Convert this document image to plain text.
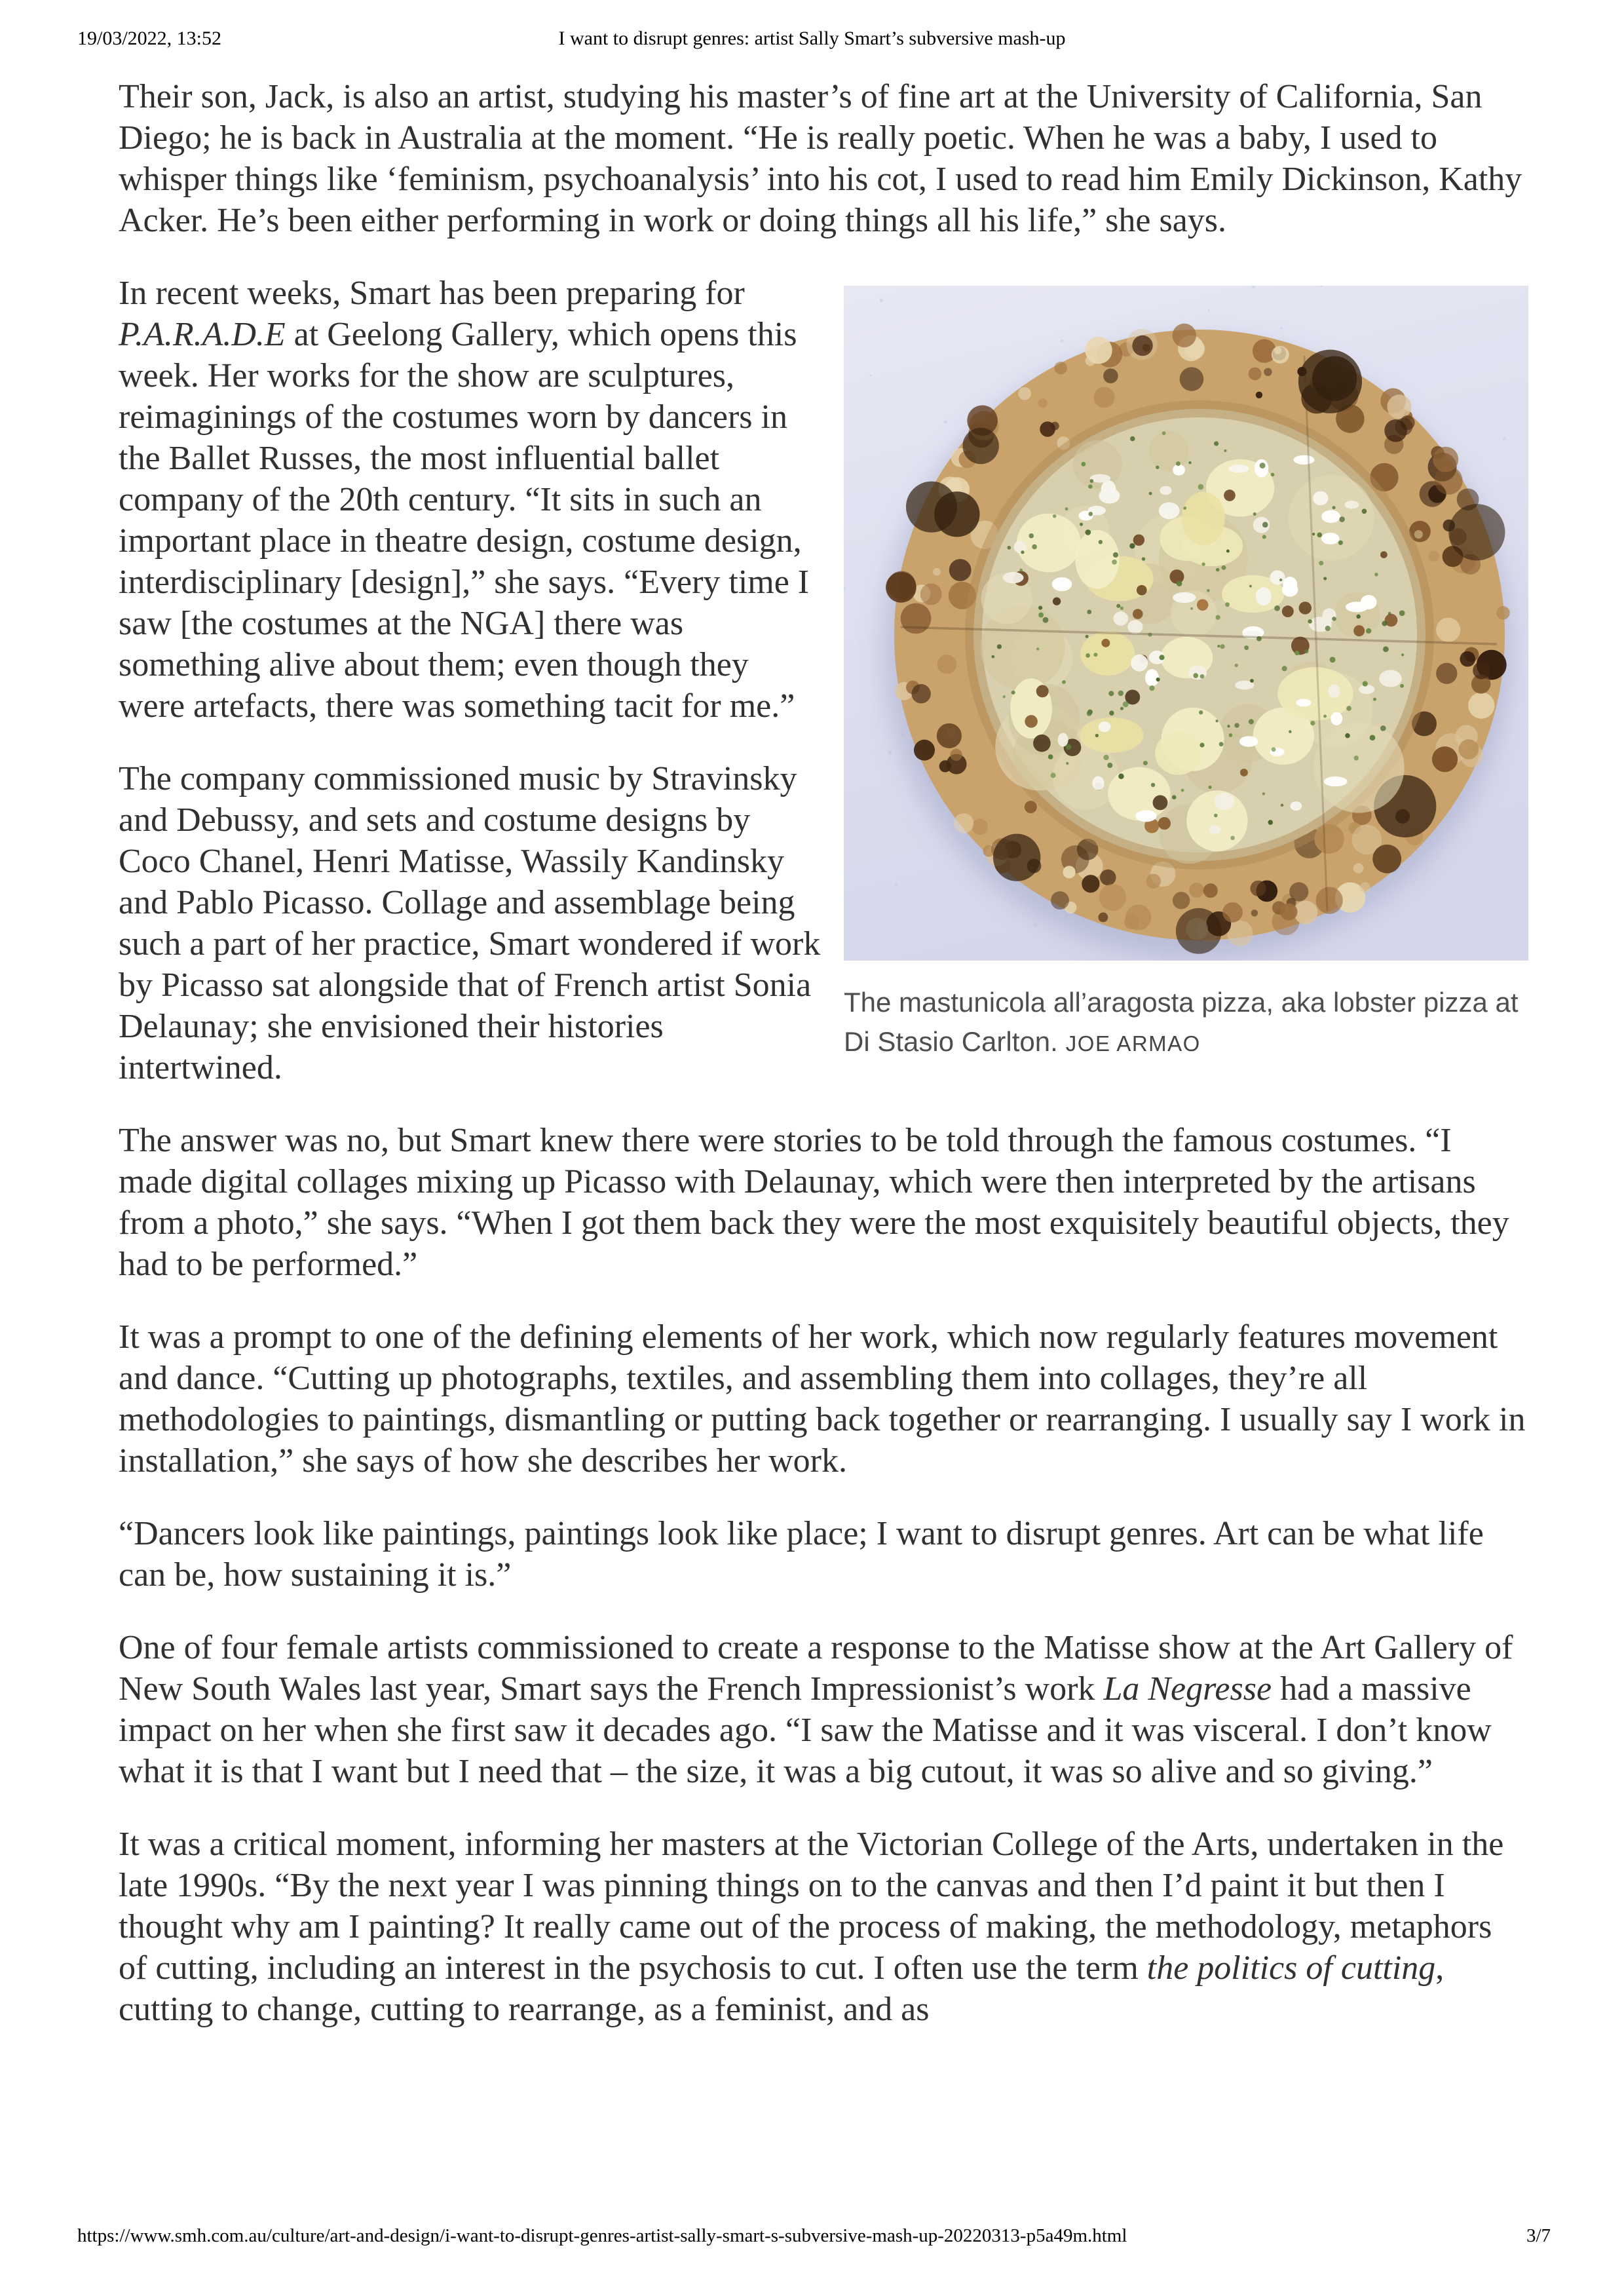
19/03/2022, 13:52	I want to disrupt genres: artist Sally Smart’s subversive mash-up

Their son, Jack, is also an artist, studying his master’s of fine art at the University of California, San Diego; he is back in Australia at the moment. “He is really poetic. When he was a baby, I used to whisper things like ‘feminism, psychoanalysis’ into his cot, I used to read him Emily Dickinson, Kathy Acker. He’s been either performing in work or doing things all his life,” she says.

The mastunicola all’aragosta pizza, aka lobster pizza at Di Stasio Carlton. JOE ARMAO

In recent weeks, Smart has been preparing for P.A.R.A.D.E at Geelong Gallery, which opens this week. Her works for the show are sculptures, reimaginings of the costumes worn by dancers in the Ballet Russes, the most influential ballet company of the 20th century. “It sits in such an important place in theatre design, costume design, interdisciplinary [design],” she says. “Every time I saw [the costumes at the NGA] there was something alive about them; even though they were artefacts, there was something tacit for me.”

The company commissioned music by Stravinsky and Debussy, and sets and costume designs by Coco Chanel, Henri Matisse, Wassily Kandinsky and Pablo Picasso. Collage and assemblage being such a part of her practice, Smart wondered if work by Picasso sat alongside that of French artist Sonia Delaunay; she envisioned their histories intertwined.

The answer was no, but Smart knew there were stories to be told through the famous costumes. “I made digital collages mixing up Picasso with Delaunay, which were then interpreted by the artisans from a photo,” she says. “When I got them back they were the most exquisitely beautiful objects, they had to be performed.”

It was a prompt to one of the defining elements of her work, which now regularly features movement and dance. “Cutting up photographs, textiles, and assembling them into collages, they’re all methodologies to paintings, dismantling or putting back together or rearranging. I usually say I work in installation,” she says of how she describes her work.

“Dancers look like paintings, paintings look like place; I want to disrupt genres. Art can be what life can be, how sustaining it is.”

One of four female artists commissioned to create a response to the Matisse show at the Art Gallery of New South Wales last year, Smart says the French Impressionist’s work La Negresse had a massive impact on her when she first saw it decades ago. “I saw the Matisse and it was visceral. I don’t know what it is that I want but I need that – the size, it was a big cutout, it was so alive and so giving.”

It was a critical moment, informing her masters at the Victorian College of the Arts, undertaken in the late 1990s. “By the next year I was pinning things on to the canvas and then I’d paint it but then I thought why am I painting? It really came out of the process of making, the methodology, metaphors of cutting, including an interest in the psychosis to cut. I often use the term the politics of cutting, cutting to change, cutting to rearrange, as a feminist, and as

https://www.smh.com.au/culture/art-and-design/i-want-to-disrupt-genres-artist-sally-smart-s-subversive-mash-up-20220313-p5a49m.html	3/7
